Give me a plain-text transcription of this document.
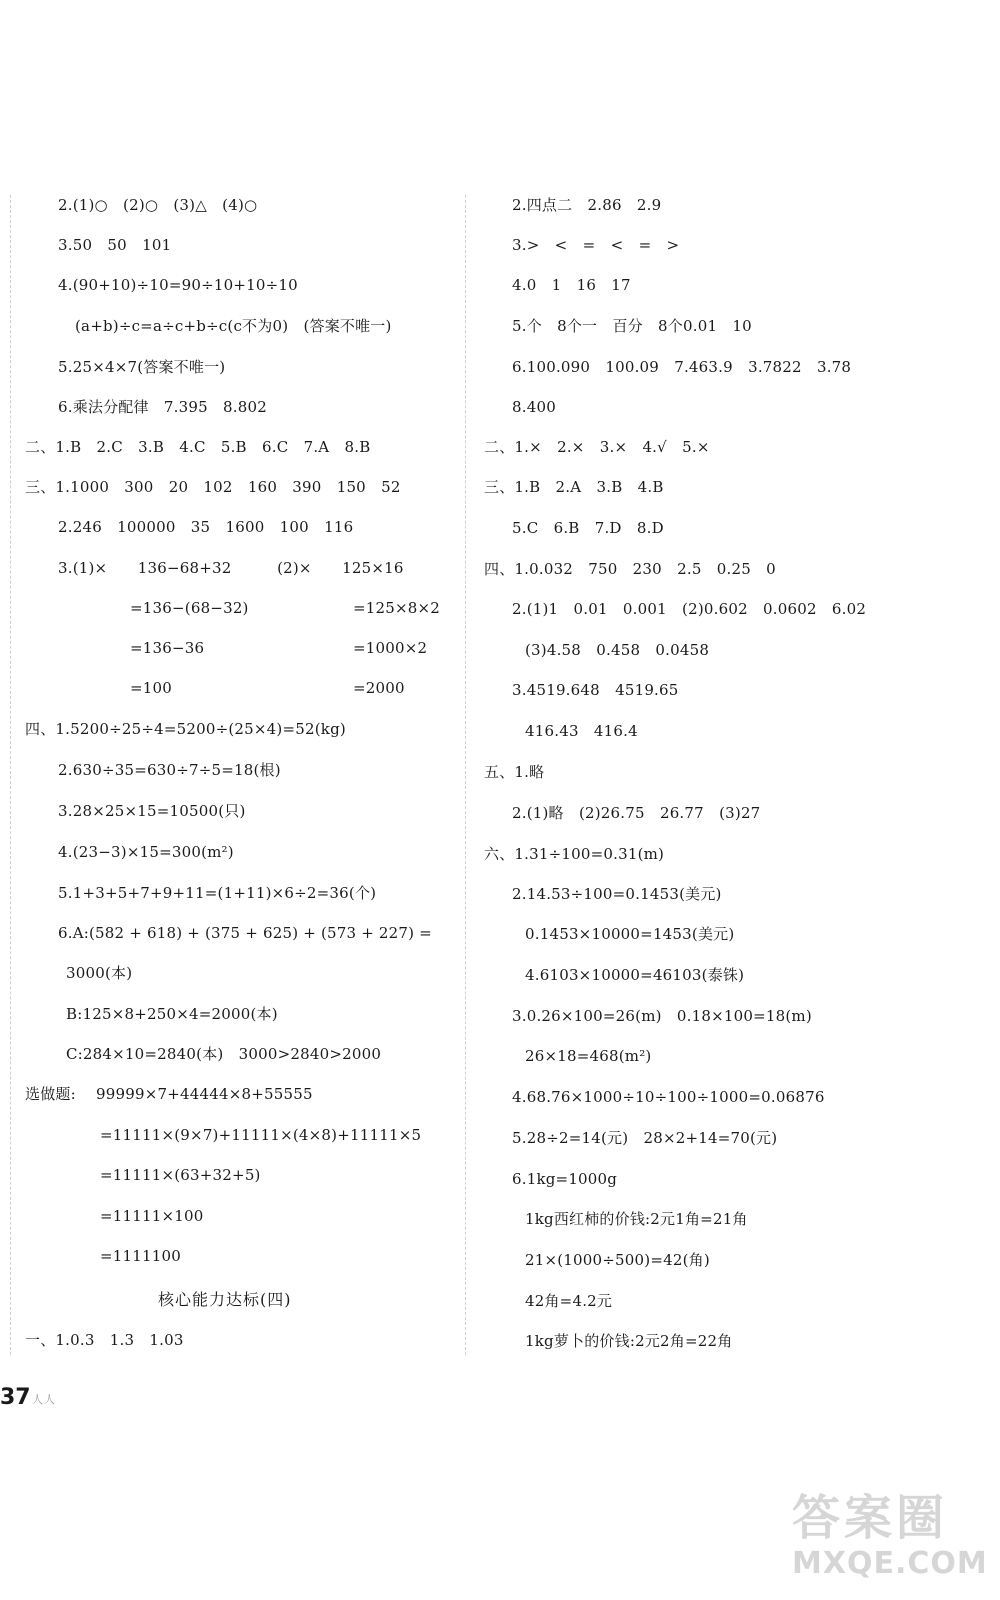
2.(1)○　(2)○　(3)△　(4)○
3.50　50　101
4.(90+10)÷10=90÷10+10÷10
(a+b)÷c=a÷c+b÷c(c不为0)　(答案不唯一)
5.25×4×7(答案不唯一)
6.乘法分配律　7.395　8.802
二、1.B　2.C　3.B　4.C　5.B　6.C　7.A　8.B
三、1.1000　300　20　102　160　390　150　52
2.246　100000　35　1600　100　116
3.(1)×　　136−68+32　　　(2)×　　125×16
=136−(68−32)	=125×8×2
=136−36	=1000×2
=100	=2000
四、1.5200÷25÷4=5200÷(25×4)=52(kg)
2.630÷35=630÷7÷5=18(根)
3.28×25×15=10500(只)
4.(23−3)×15=300(m²)
5.1+3+5+7+9+11=(1+11)×6÷2=36(个)
6.A:(582 + 618) + (375 + 625) + (573 + 227) =
3000(本)
B:125×8+250×4=2000(本)
C:284×10=2840(本)　3000>2840>2000
选做题:　 99999×7+44444×8+55555
=11111×(9×7)+11111×(4×8)+11111×5
=11111×(63+32+5)
=11111×100
=1111100
一、1.0.3　1.3　1.03
核心能力达标(四)
2.四点二　2.86　2.9
3.>　<　=　<　=　>
4.0　1　16　17
5.个　8个一　百分　8个0.01　10
6.100.090　100.09　7.463.9　3.7822　3.78
8.400
二、1.×　2.×　3.×　4.√　5.×
三、1.B　2.A　3.B　4.B
5.C　6.B　7.D　8.D
四、1.0.032　750　230　2.5　0.25　0
2.(1)1　0.01　0.001　(2)0.602　0.0602　6.02
(3)4.58　0.458　0.0458
3.4519.648　4519.65
416.43　416.4
五、1.略
2.(1)略　(2)26.75　26.77　(3)27
六、1.31÷100=0.31(m)
2.14.53÷100=0.1453(美元)
0.1453×10000=1453(美元)
4.6103×10000=46103(泰铢)
3.0.26×100=26(m)　0.18×100=18(m)
26×18=468(m²)
4.68.76×1000÷10÷100÷1000=0.06876
5.28÷2=14(元)　28×2+14=70(元)
6.1kg=1000g
1kg西红柿的价钱:2元1角=21角
21×(1000÷500)=42(角)
42角=4.2元
1kg萝卜的价钱:2元2角=22角
37 人人
答案圈
MXQE.COM
